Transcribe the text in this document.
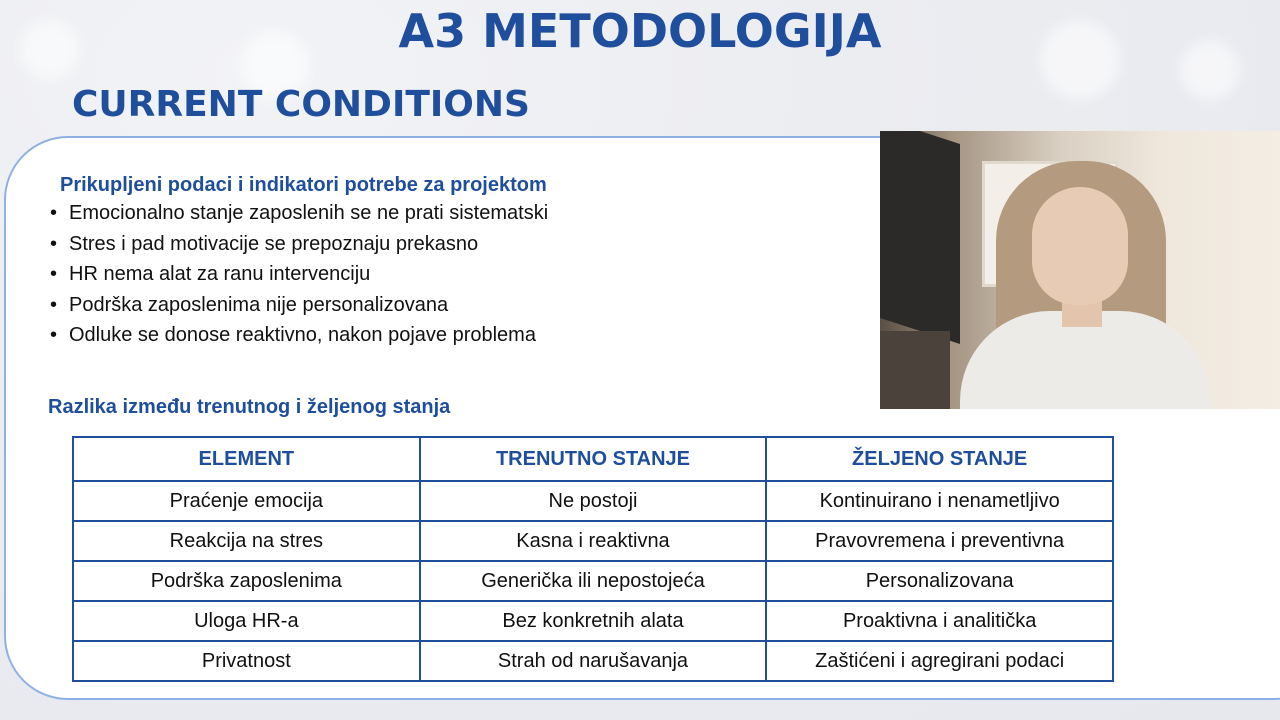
A3 METODOLOGIJA
CURRENT CONDITIONS
Prikupljeni podaci i indikatori potrebe za projektom
• Emocionalno stanje zaposlenih se ne prati sistematski
• Stres i pad motivacije se prepoznaju prekasno
• HR nema alat za ranu intervenciju
• Podrška zaposlenima nije personalizovana
• Odluke se donose reaktivno, nakon pojave problema
Razlika između trenutnog i željenog stanja
ELEMENT	TRENUTNO STANJE	ŽELJENO STANJE
Praćenje emocija	Ne postoji	Kontinuirano i nenametljivo
Reakcija na stres	Kasna i reaktivna	Pravovremena i preventivna
Podrška zaposlenima	Generička ili nepostojeća	Personalizovana
Uloga HR-a	Bez konkretnih alata	Proaktivna i analitička
Privatnost	Strah od narušavanja	Zaštićeni i agregirani podaci
